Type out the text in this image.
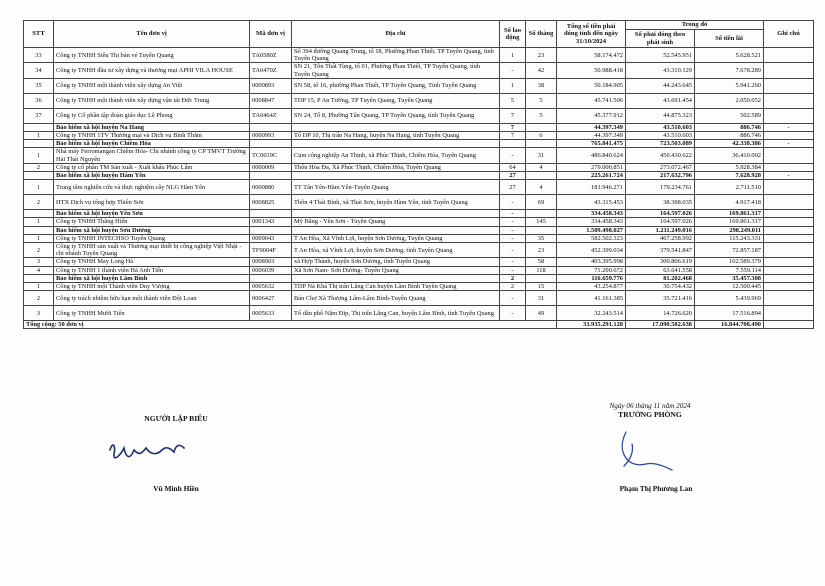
STT	Tên đơn vị	Mã đơn vị	Địa chỉ	Số lao động	Số tháng	Tổng số tiền phải đóng tính đến ngày 31/10/2024	Trong đó		Ghi chú
							Số phải đóng theo phát sinh	Số tiền lãi	
33	Công ty TNHH Siêu Thị bán vé Tuyên Quang	TA0580Z	Số 394 đường Quang Trung, tổ 18, Phường Phan Thiết, TP Tuyên Quang, tỉnh Tuyên Quang	1	23	58.174.472	52.545.951	5.628.521	
34	Công ty TNHH đầu tư xây dựng và thương mại APHI VILA HOUSE	TA0470Z	SN 21, Tôn Thất Tùng, tổ 01, Phường Phan Thiết, TP Tuyên Quang, tỉnh Tuyên Quang	-	42	50.988.418	43.310.129	7.678.289	
35	Công ty TNHH một thành viên xây dựng An Việt	0000893	SN 58, tổ 16, phường Phan Thiết, TP Tuyên Quang, Tỉnh Tuyên Quang	1	38	50.184.905	44.243.645	5.941.260	
36	Công ty TNHH một thành viên xây dựng vận tải Đức Trung	0008847	TDP 15, P An Tường, TP Tuyên Quang, Tuyên Quang	5	5	45.741.506	43.691.454	2.050.052	
37	Công ty Cổ phần tập đoàn giáo dục Lê Phong	TA0464Z	SN 24, Tổ 8, Phường Tân Quang, TP Tuyên Quang, tỉnh Tuyên Quang	7	5	45.377.912	44.875.323	502.589	
	Bảo hiểm xã hội huyện Na Hang			7		44.397.349	43.510.603	886.746	-
1	Công ty TNHH 1TV Thương mại và Dịch vụ Bình Thắm	0000993	Tổ DP 10, Thị trấn Na Hang, huyện Na Hang, tỉnh Tuyên Quang	7	6	44.397.349	43.510.603	886.746	
	Bảo hiểm xã hội huyện Chiêm Hóa					765.841.475	723.503.089	42.338.386	-
1	Nhà máy Ferromangan Chiêm Hóa- Chi nhánh công ty CP TMVT Trường Hải Thái Nguyên	TC0019C	Cụm công nghiệp An Thịnh, xã Phúc Thịnh, Chiêm Hóa, Tuyên Quang	-	31	486.840.624	450.430.622	36.410.002	
2	Công ty cổ phần TM Sản xuất - Xuất khẩu Phúc Lâm	0000009	Thôn Hòa Đa, Xã Phúc Thịnh, Chiêm Hóa, Tuyên Quang	64	4	279.000.851	273.072.467	5.928.384	
	Bảo hiểm xã hội huyện Hàm Yên			27		225.261.724	217.632.796	7.628.928	-
1	Trung tâm nghiên cứu và thực nghiệm cây NLG Hàm Yên	0000880	TT Tân Yên-Hàm Yên-Tuyên Quang	27	4	181.946.271	179.234.761	2.711.510	
2	HTX Dịch vụ tổng hợp Thiên Sơn	0008825	Thôn 4 Thái Bình, xã Thái Sơn, huyện Hàm Yên, tỉnh Tuyên Quang	-	69	43.315.453	38.398.035	4.917.418	
	Bảo hiểm xã hội huyện Yên Sơn			-		334.458.343	164.597.026	169.861.317	
1	Công ty TNHH Thăng Hiển	0001343	Mỹ Bằng - Yên Sơn - Tuyên Quang	-	145	334.458.343	164.597.026	169.861.317	
	Bảo hiểm xã hội huyện Sơn Dương			-		1.509.498.027	1.211.249.016	298.249.011	
1	Công ty TNHH INTECHSO Tuyên Quang	0009043	T An Hòa, Xã Vĩnh Lợi, huyện Sơn Dương, Tuyên Quang	-	35	582.502.323	467.258.992	115.243.331	
2	Công ty TNHH sản xuất và Thương mại thiết bị công nghiệp Việt Nhật - chi nhánh Tuyên Quang	TF0004F	T An Hòa, xã Vĩnh Lợi, huyện Sơn Dương, tỉnh Tuyên Quang	-	23	452.399.034	379.541.847	72.857.187	
3	Công ty TNHH May Long Hà	0008903	xã Hợp Thành, huyện Sơn Dương, tỉnh Tuyên Quang	-	58	403.395.998	300.806.619	102.589.379	
4	Công ty TNHH 1 thành viên Hà Anh Tiến	0006039	Xã Sơn Nam- Sơn Dương- Tuyên Quang	-	118	71.200.672	63.641.558	7.559.114	
	Bảo hiểm xã hội huyện Lâm Bình			2		116.659.776	81.202.468	35.457.308	
1	Công ty TNHH một Thành viên Duy Vượng	0005632	TDP Nà Khá Thị trấn Lăng Can huyện Lâm Bình Tuyên Quang	2	15	43.254.877	30.754.432	12.500.445	
2	Công ty trách nhiệm hữu hạn một thành viên Đội Loan	0006427	Bản Chợ Xã Thượng Lâm-Lâm Bình-Tuyên Quang	-	31	41.161.385	35.721.416	5.439.969	
3	Công ty TNHH Mười Tiến	0005633	Tổ dân phố Nậm Đip, Thị trấn Lăng Can, huyện Lâm Bình, tỉnh Tuyên Quang	-	49	32.243.514	14.726.620	17.516.894	
Tổng cộng: 50 đơn vị						33.935.291.128	17.090.582.638	16.844.708.490	
NGƯỜI LẬP BIỂU
Vũ Minh Hiền
Ngày 06 tháng 11 năm 2024
TRƯỞNG PHÒNG
Phạm Thị Phương Lan
